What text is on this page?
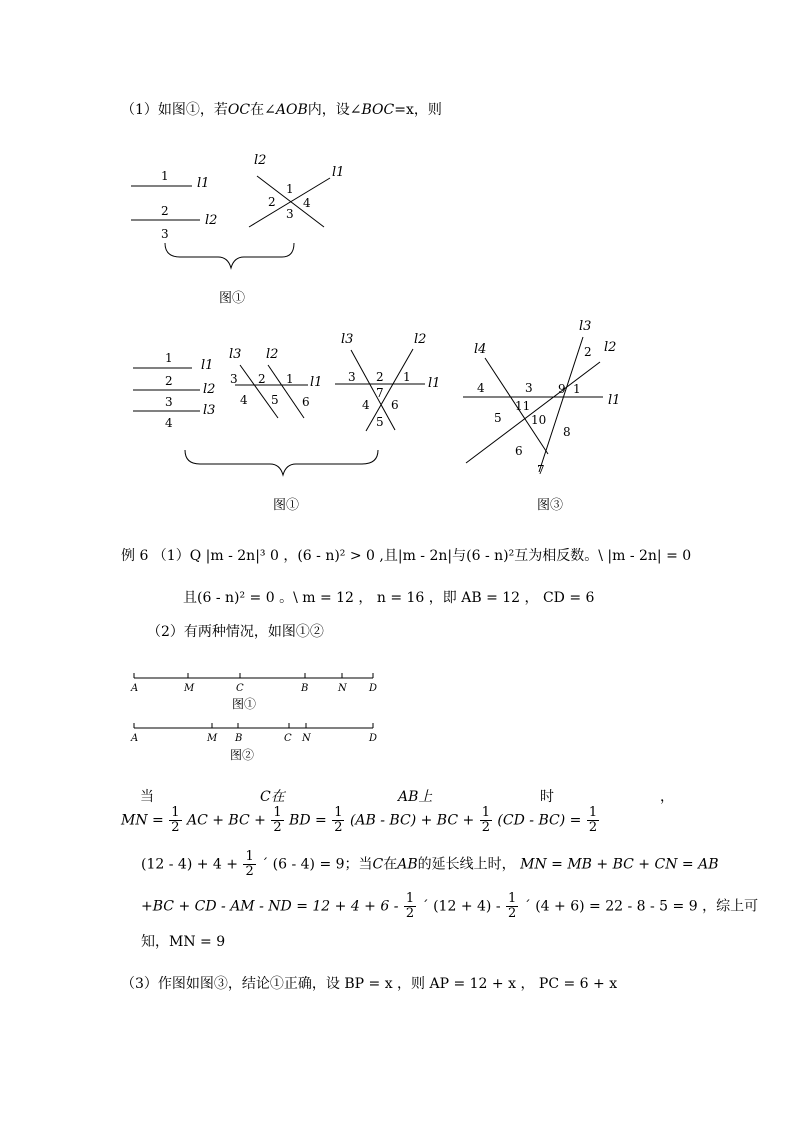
（1）如图①，若OC在∠AOB内，设∠BOC=x，则
1
2
3
l1
l2
1
2
3
4
l2
l1
1
2
3
4
l1
l2
l3
3 2 1
4 5 6
l3 l2
l1 3 2 1
7
4 6
5
l3	l2
l1	4	3 9 1
2
11
5 10
8
6
7
l4
l3
l2
l1
A	M	C	B	N D
图①
A	M B	C N	D
图②
图①
图①	图③
例 6 （1）Q |m - 2n|³ 0 ，(6 - n)² > 0 ,且|m - 2n|与(6 - n)²互为相反数。\ |m - 2n| = 0
且(6 - n)² = 0 。\ m = 12 ， n = 16 ，即 AB = 12 ， CD = 6
（2）有两种情况，如图①②
当	C在	AB上	时	，
MN = $\frac{1}{2}$ AC + BC + $\frac{1}{2}$ BD = $\frac{1}{2} (AB - BC)$ + BC + $\frac{1}{2} (CD - BC) = \frac{1}{2}$
$(12 - 4) + 4 + \frac{1}{2}$ ´ (6 - 4) = 9；当C在AB的延长线上时， MN = MB + BC + CN = AB
+BC + CD - AM - ND = $12 + 4 + 6 - \frac{1}{2}$ ´ $(12 + 4) - \frac{1}{2}$ ´ (4 + 6) = 22 - 8 - 5 = 9 ，综上可
知，MN = 9
（3）作图如图③，结论①正确，设 BP = x ，则 AP = 12 + x ， PC = 6 + x
